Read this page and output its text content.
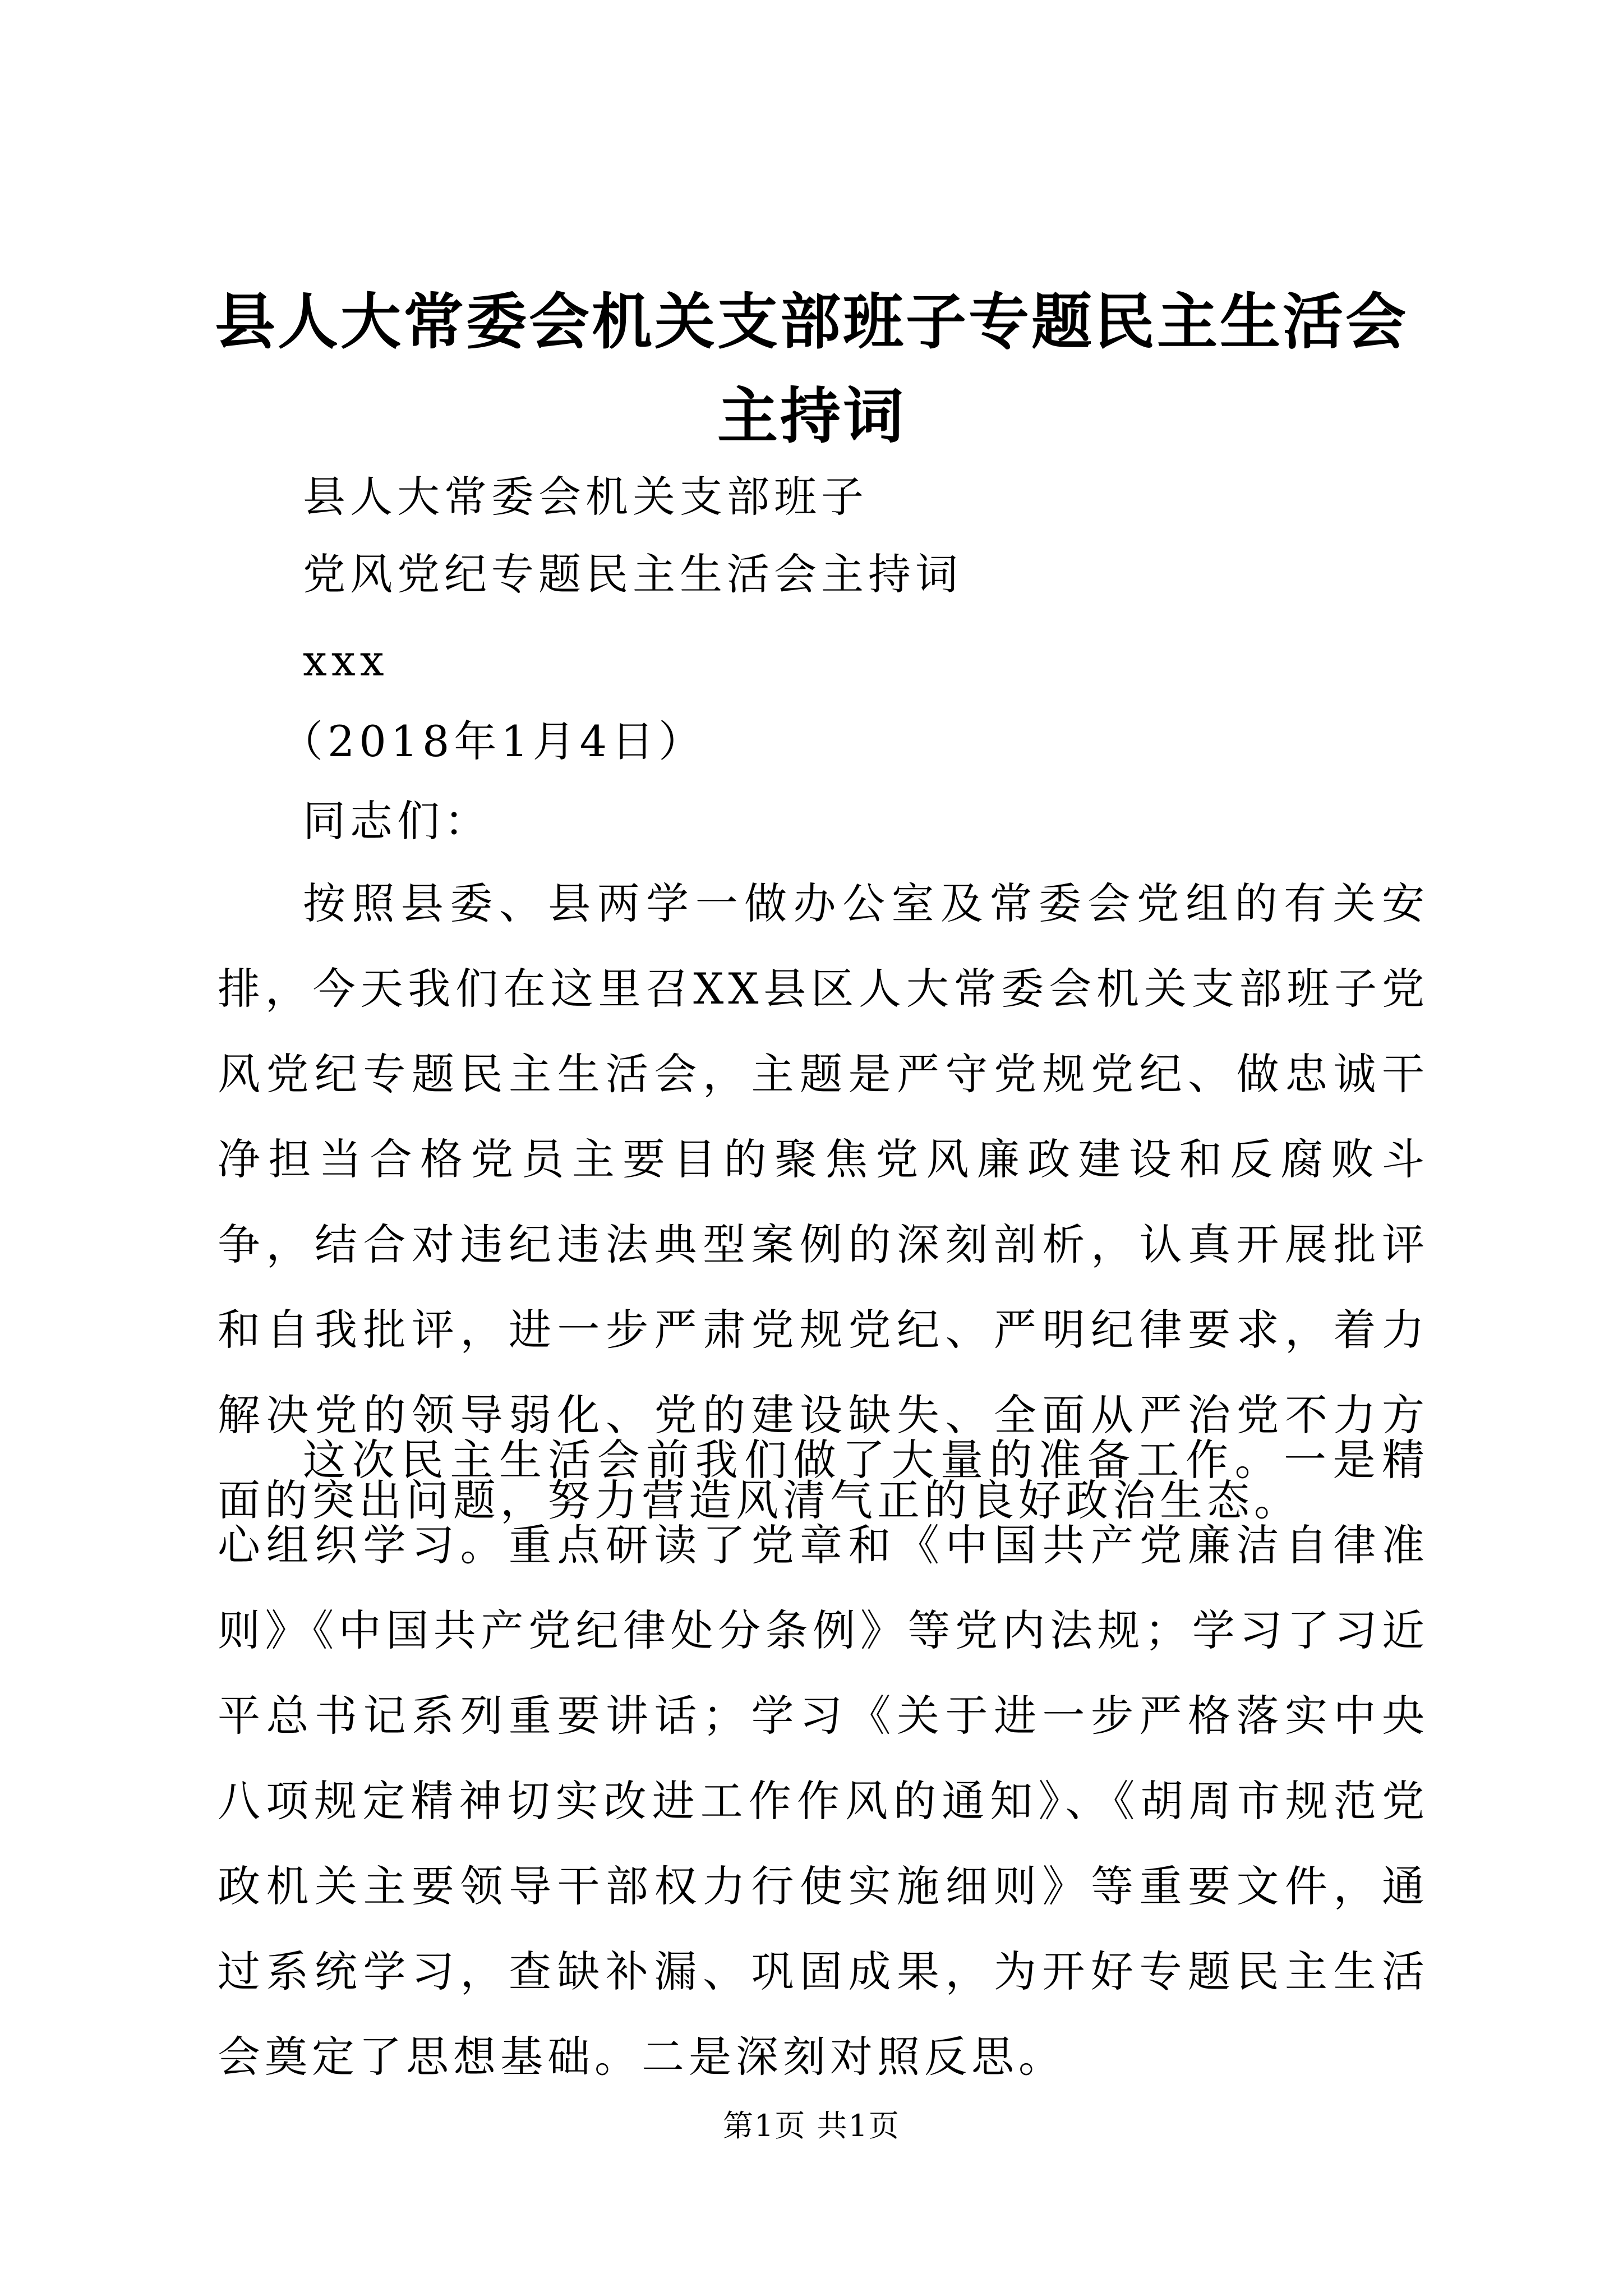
县人大常委会机关支部班子专题民主生活会主持词

县人大常委会机关支部班子

党风党纪专题民主生活会主持词

xxx

（2018年1月4日）

同志们：

按照县委、县两学一做办公室及常委会党组的有关安排，今天我们在这里召XX县区人大常委会机关支部班子党风党纪专题民主生活会，主题是严守党规党纪、做忠诚干净担当合格党员主要目的聚焦党风廉政建设和反腐败斗争，结合对违纪违法典型案例的深刻剖析，认真开展批评和自我批评，进一步严肃党规党纪、严明纪律要求，着力解决党的领导弱化、党的建设缺失、全面从严治党不力方面的突出问题，努力营造风清气正的良好政治生态。

这次民主生活会前我们做了大量的准备工作。一是精心组织学习。重点研读了党章和《中国共产党廉洁自律准则》《中国共产党纪律处分条例》等党内法规；学习了习近平总书记系列重要讲话；学习《关于进一步严格落实中央八项规定精神切实改进工作作风的通知》、《胡周市规范党政机关主要领导干部权力行使实施细则》等重要文件，通过系统学习，查缺补漏、巩固成果，为开好专题民主生活会奠定了思想基础。二是深刻对照反思。

第1页 共1页
